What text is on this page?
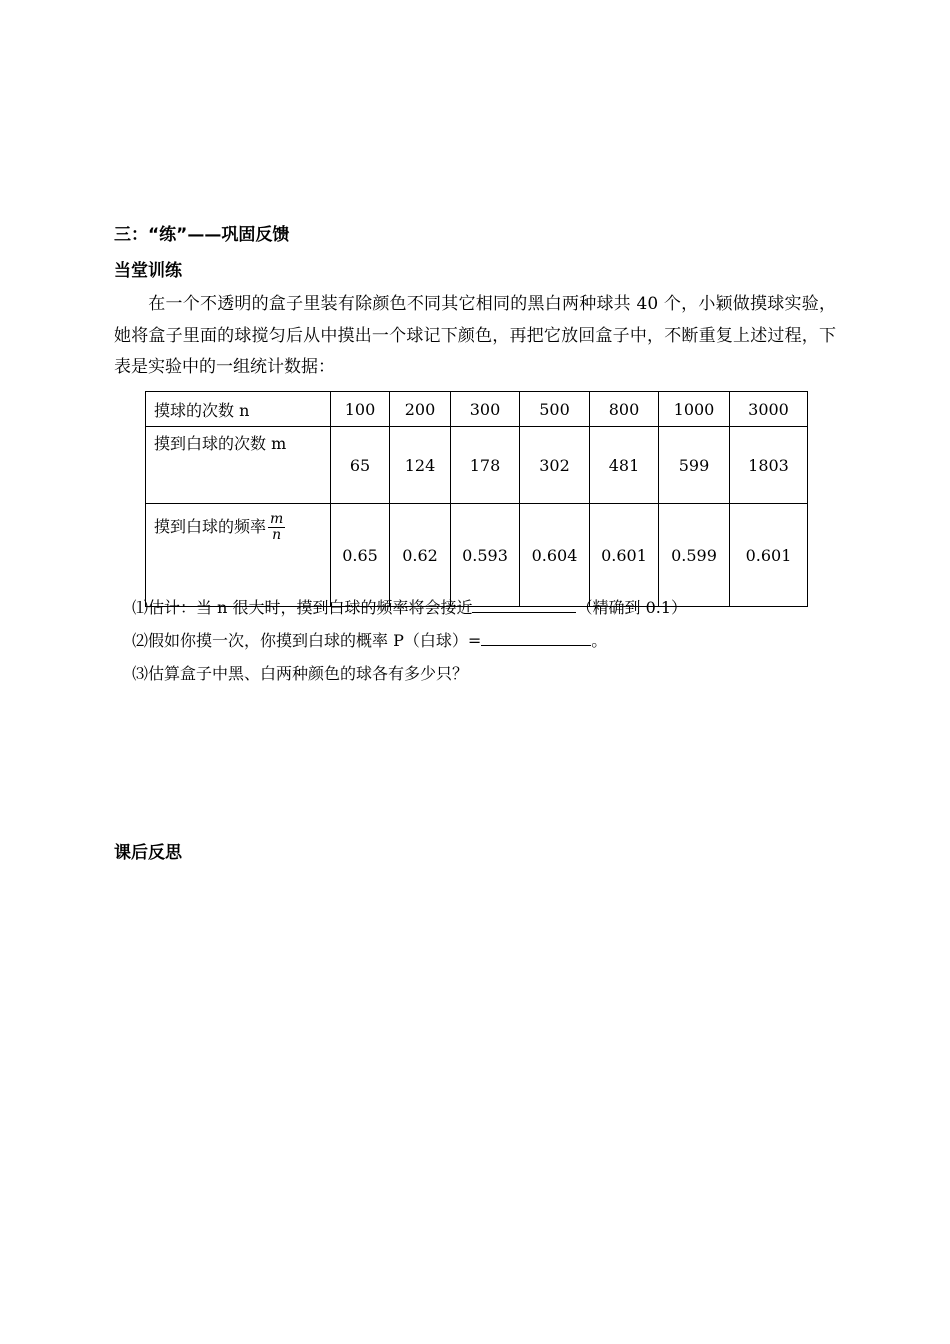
三：“练”——巩固反馈
当堂训练
在一个不透明的盒子里装有除颜色不同其它相同的黑白两种球共 40 个，小颖做摸球实验，她将盒子里面的球搅匀后从中摸出一个球记下颜色，再把它放回盒子中，不断重复上述过程，下表是实验中的一组统计数据：
摸球的次数 n	100	200	300	500	800	1000	3000
摸到白球的次数 m	65	124	178	302	481	599	1803
摸到白球的频率 $\frac{m}{n}$	0.65	0.62	0.593	0.604	0.601	0.599	0.601
⑴估计：当 n 很大时，摸到白球的频率将会接近	（精确到 0.1）
⑵假如你摸一次，你摸到白球的概率 P（白球）=	。
⑶估算盒子中黑、白两种颜色的球各有多少只？
课后反思
